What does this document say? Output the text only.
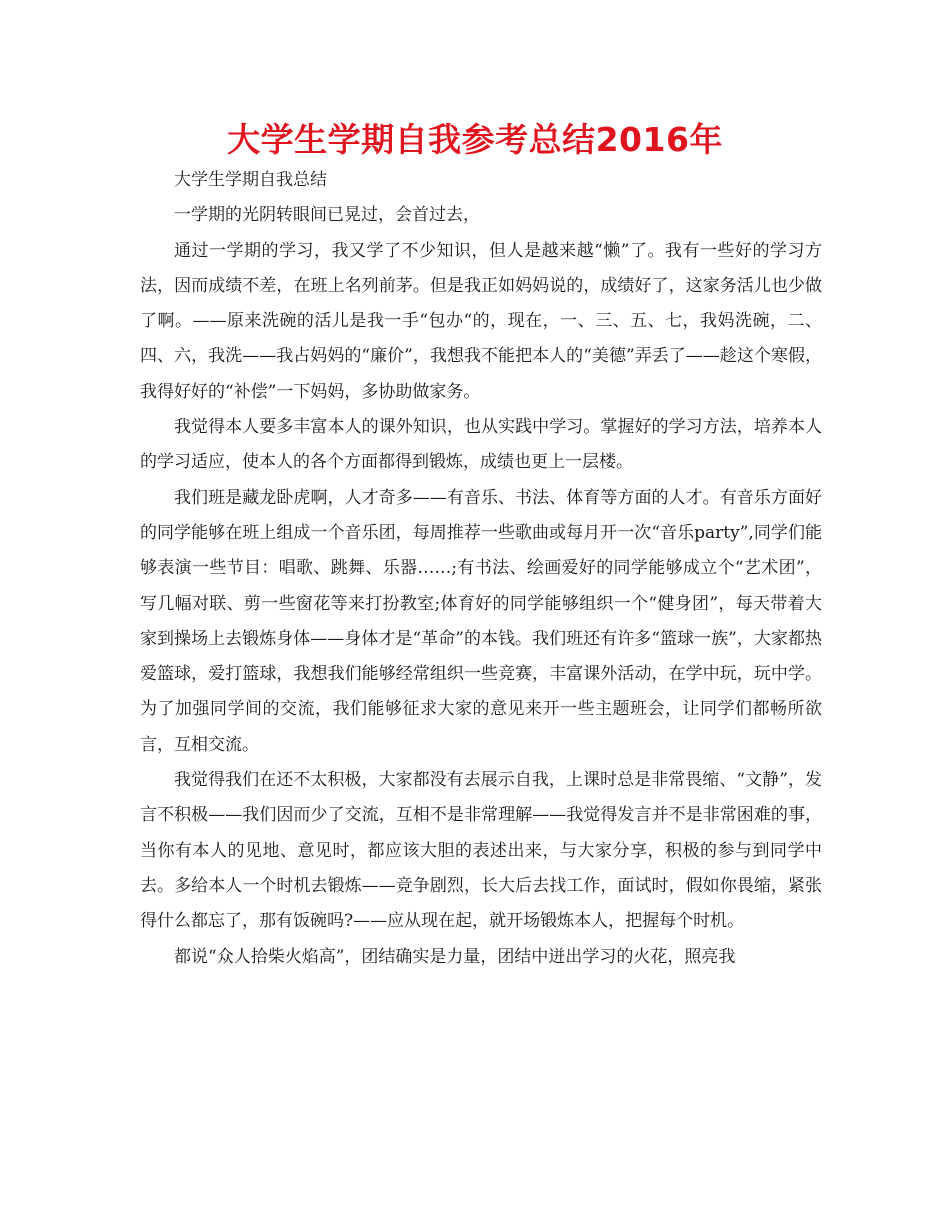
大学生学期自我参考总结2016年

大学生学期自我总结

一学期的光阴转眼间已晃过，会首过去，

通过一学期的学习，我又学了不少知识，但人是越来越“懒”了。我有一些好的学习方法，因而成绩不差，在班上名列前茅。但是我正如妈妈说的，成绩好了，这家务活儿也少做了啊。——原来洗碗的活儿是我一手“包办“的，现在，一、三、五、七，我妈洗碗，二、四、六，我洗——我占妈妈的“廉价”，我想我不能把本人的“美德”弄丢了——趁这个寒假，我得好好的“补偿”一下妈妈，多协助做家务。

我觉得本人要多丰富本人的课外知识，也从实践中学习。掌握好的学习方法，培养本人的学习适应，使本人的各个方面都得到锻炼，成绩也更上一层楼。

我们班是藏龙卧虎啊，人才奇多——有音乐、书法、体育等方面的人才。有音乐方面好的同学能够在班上组成一个音乐团，每周推荐一些歌曲或每月开一次“音乐party”,同学们能够表演一些节目：唱歌、跳舞、乐器……;有书法、绘画爱好的同学能够成立个“艺术团”，写几幅对联、剪一些窗花等来打扮教室;体育好的同学能够组织一个“健身团”，每天带着大家到操场上去锻炼身体——身体才是“革命”的本钱。我们班还有许多“篮球一族”，大家都热爱篮球，爱打篮球，我想我们能够经常组织一些竞赛，丰富课外活动，在学中玩，玩中学。为了加强同学间的交流，我们能够征求大家的意见来开一些主题班会，让同学们都畅所欲言，互相交流。

我觉得我们在还不太积极，大家都没有去展示自我，上课时总是非常畏缩、“文静”，发言不积极——我们因而少了交流，互相不是非常理解——我觉得发言并不是非常困难的事，当你有本人的见地、意见时，都应该大胆的表述出来，与大家分享，积极的参与到同学中去。多给本人一个时机去锻炼——竞争剧烈，长大后去找工作，面试时，假如你畏缩，紧张得什么都忘了，那有饭碗吗?——应从现在起，就开场锻炼本人，把握每个时机。

都说“众人拾柴火焰高”，团结确实是力量，团结中迸出学习的火花，照亮我
